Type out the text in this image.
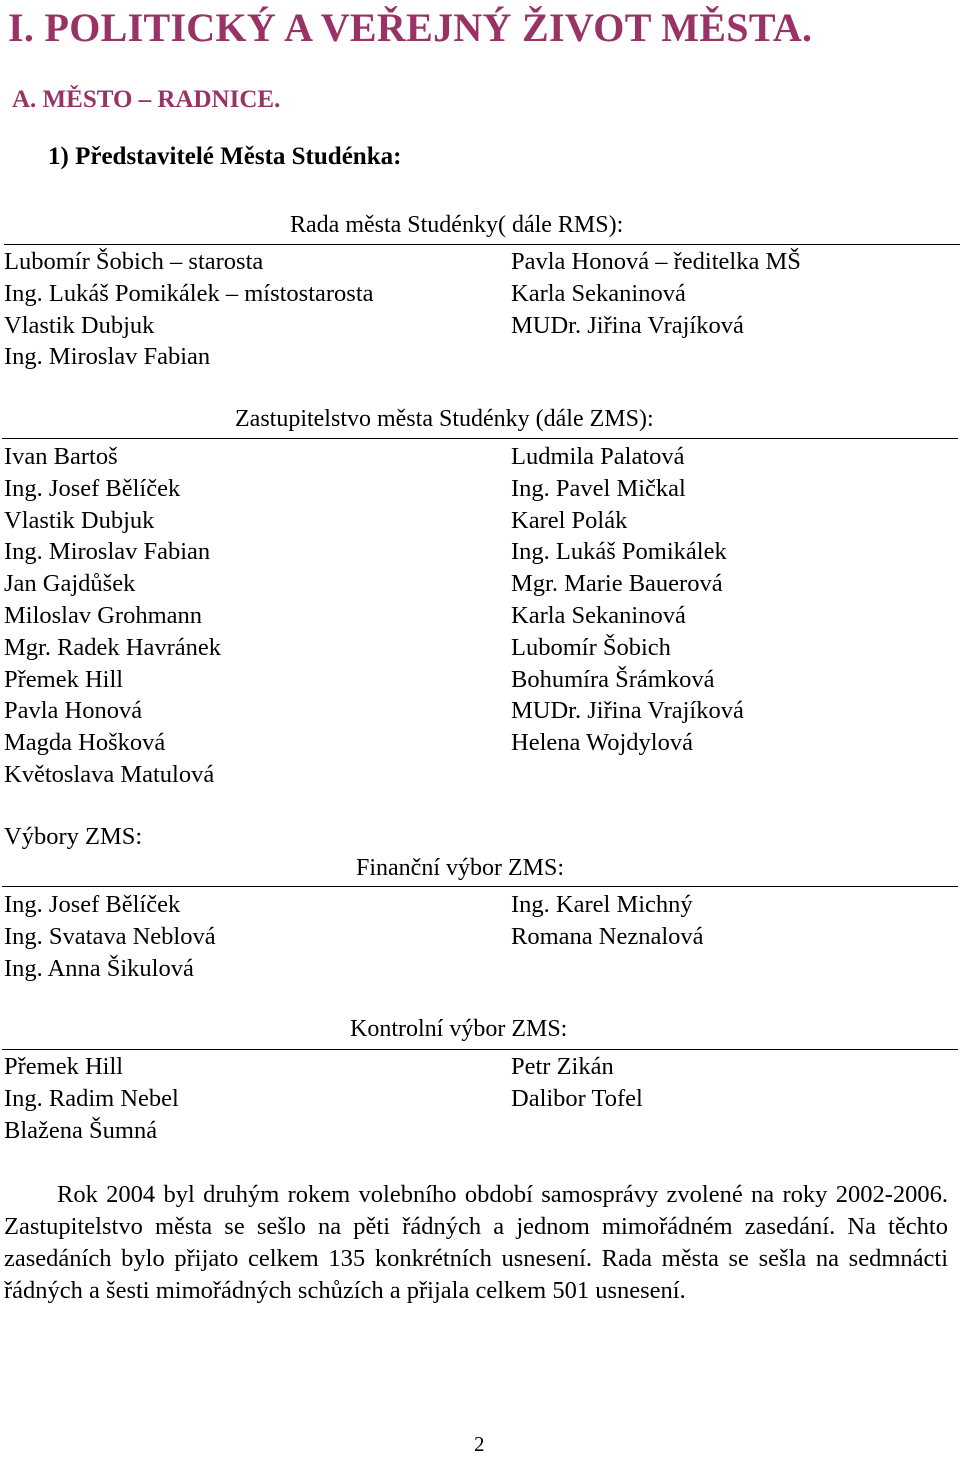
I. POLITICKÝ A VEŘEJNÝ ŽIVOT MĚSTA.
A. MĚSTO – RADNICE.
1) Představitelé Města Studénka:
Rada města Studénky( dále RMS):
Lubomír Šobich – starosta
Ing. Lukáš Pomikálek – místostarosta
Vlastik Dubjuk
Ing. Miroslav Fabian
Pavla Honová – ředitelka MŠ
Karla Sekaninová
MUDr. Jiřina Vrajíková
Zastupitelstvo města Studénky (dále ZMS):
Ivan Bartoš
Ing. Josef Bělíček
Vlastik Dubjuk
Ing. Miroslav Fabian
Jan Gajdůšek
Miloslav Grohmann
Mgr. Radek Havránek
Přemek Hill
Pavla Honová
Magda Hošková
Květoslava Matulová
Ludmila Palatová
Ing. Pavel Mičkal
Karel Polák
Ing. Lukáš Pomikálek
Mgr. Marie Bauerová
Karla Sekaninová
Lubomír Šobich
Bohumíra Šrámková
MUDr. Jiřina Vrajíková
Helena Wojdylová
Výbory ZMS:
Finanční výbor ZMS:
Ing. Josef Bělíček
Ing. Svatava Neblová
Ing. Anna Šikulová
Ing. Karel Michný
Romana Neznalová
Kontrolní výbor ZMS:
Přemek Hill
Ing. Radim Nebel
Blažena Šumná
Petr Zikán
Dalibor Tofel

Rok 2004 byl druhým rokem volebního období samosprávy zvolené na roky 2002-2006. Zastupitelstvo města se sešlo na pěti řádných a jednom mimořádném zasedání. Na těchto zasedáních bylo přijato celkem 135 konkrétních usnesení. Rada města se sešla na sedmnácti řádných a šesti mimořádných schůzích a přijala celkem 501 usnesení.

2
